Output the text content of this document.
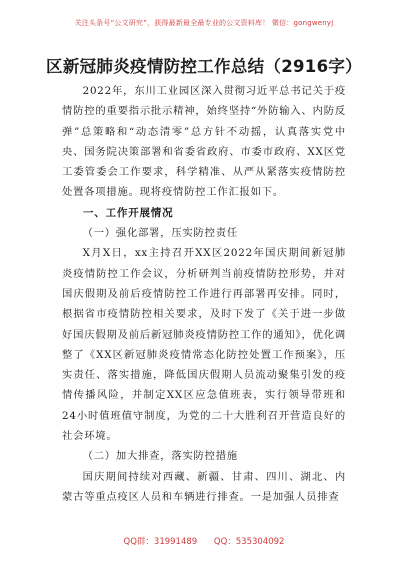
关注头条号“公文研究”，获得最新最全最专业的公文资料库！ 微信：gongwenyj
区新冠肺炎疫情防控工作总结（2916字）

2022年，东川工业园区深入贯彻习近平总书记关于疫情防控的重要指示批示精神，始终坚持“外防输入、内防反弹”总策略和“动态清零”总方针不动摇，认真落实党中央、国务院决策部署和省委省政府、市委市政府、XX区党工委管委会工作要求，科学精准、从严从紧落实疫情防控处置各项措施。现将疫情防控工作汇报如下。

一、工作开展情况
（一）强化部署，压实防控责任

X月X日，xx主持召开XX区2022年国庆期间新冠肺炎疫情防控工作会议，分析研判当前疫情防控形势，并对国庆假期及前后疫情防控工作进行再部署再安排。同时，根据省市疫情防控相关要求，及时下发了《关于进一步做好国庆假期及前后新冠肺炎疫情防控工作的通知》，优化调整了《XX区新冠肺炎疫情常态化防控处置工作预案》，压实责任、落实措施，降低国庆假期人员流动聚集引发的疫情传播风险，并制定XX区应急值班表，实行领导带班和24小时值班值守制度，为党的二十大胜利召开营造良好的社会环境。

（二）加大排查，落实防控措施

国庆期间持续对西藏、新疆、甘肃、四川、湖北、内蒙古等重点疫区人员和车辆进行排查。一是加强人员排查

QQ群：31991489 QQ：535304092
